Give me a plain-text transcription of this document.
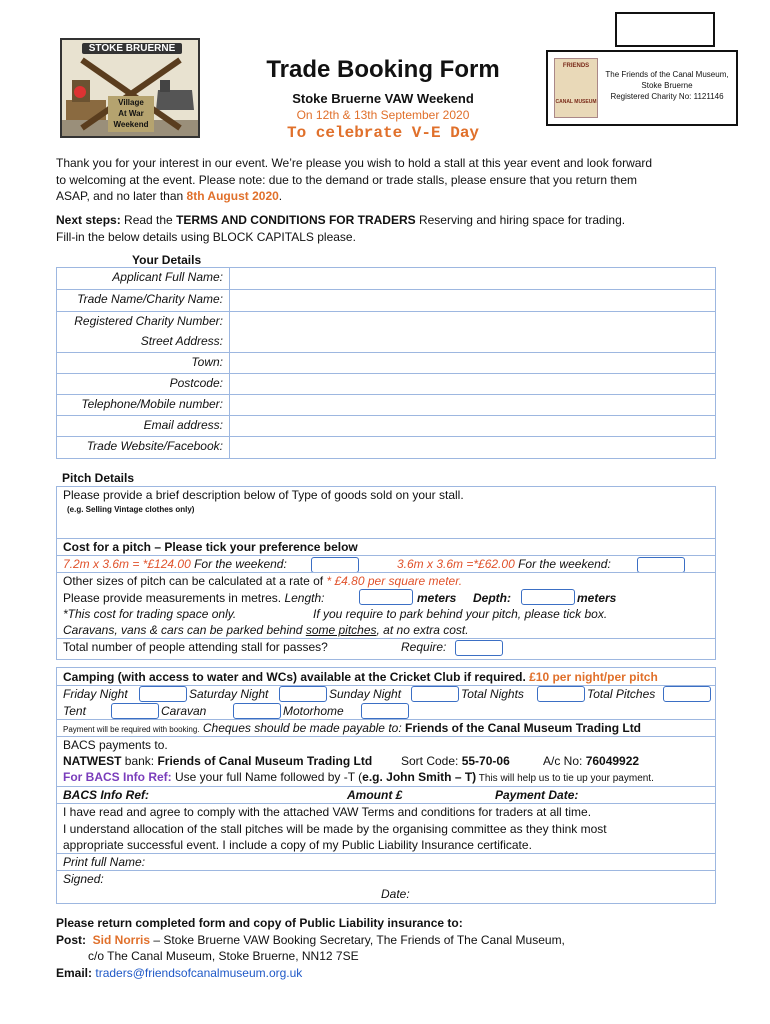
STOKE BRUERNE
Village
At War
Weekend
Trade Booking Form
Stoke Bruerne VAW Weekend
On 12th & 13th September 2020
To celebrate V-E Day
FRIENDS
CANAL MUSEUM
The Friends of the Canal Museum,
Stoke Bruerne
Registered Charity No: 1121146
Thank you for your interest in our event. We’re please you wish to hold a stall at this year event and look forward
to welcoming at the event. Please note: due to the demand or trade stalls, please ensure that you return them
ASAP, and no later than 8th August 2020.
Next steps: Read the TERMS AND CONDITIONS FOR TRADERS Reserving and hiring space for trading.
Fill-in the below details using BLOCK CAPITALS please.
Your Details
Applicant Full Name:
Trade Name/Charity Name:
Registered Charity Number:
Street Address:
Town:
Postcode:
Telephone/Mobile number:
Email address:
Trade Website/Facebook:
Pitch Details
Please provide a brief description below of Type of goods sold on your stall.
(e.g. Selling Vintage clothes only)
Cost for a pitch – Please tick your preference below
7.2m x 3.6m = *£124.00 For the weekend:	3.6m x 3.6m =*£62.00 For the weekend:
Other sizes of pitch can be calculated at a rate of * £4.80 per square meter.
Please provide measurements in metres. Length:	meters Depth:	meters
*This cost for trading space only.	If you require to park behind your pitch, please tick box.
Caravans, vans & cars can be parked behind some pitches, at no extra cost.
Total number of people attending stall for passes?	Require:
Camping (with access to water and WCs) available at the Cricket Club if required. £10 per night/per pitch
Friday Night	Saturday Night	Sunday Night	Total Nights	Total Pitches
Tent	Caravan	Motorhome
Payment will be required with booking. Cheques should be made payable to: Friends of the Canal Museum Trading Ltd
BACS payments to.
NATWEST bank: Friends of Canal Museum Trading Ltd Sort Code: 55-70-06	A/c No: 76049922
For BACS Info Ref: Use your full Name followed by -T (e.g. John Smith – T) This will help us to tie up your payment.
BACS Info Ref:	Amount £	Payment Date:
I have read and agree to comply with the attached VAW Terms and conditions for traders at all time.
I understand allocation of the stall pitches will be made by the organising committee as they think most
appropriate successful event. I include a copy of my Public Liability Insurance certificate.
Print full Name:
Signed:
Date:
Please return completed form and copy of Public Liability insurance to:
Post: Sid Norris – Stoke Bruerne VAW Booking Secretary, The Friends of The Canal Museum,
c/o The Canal Museum, Stoke Bruerne, NN12 7SE
Email: traders@friendsofcanalmuseum.org.uk
